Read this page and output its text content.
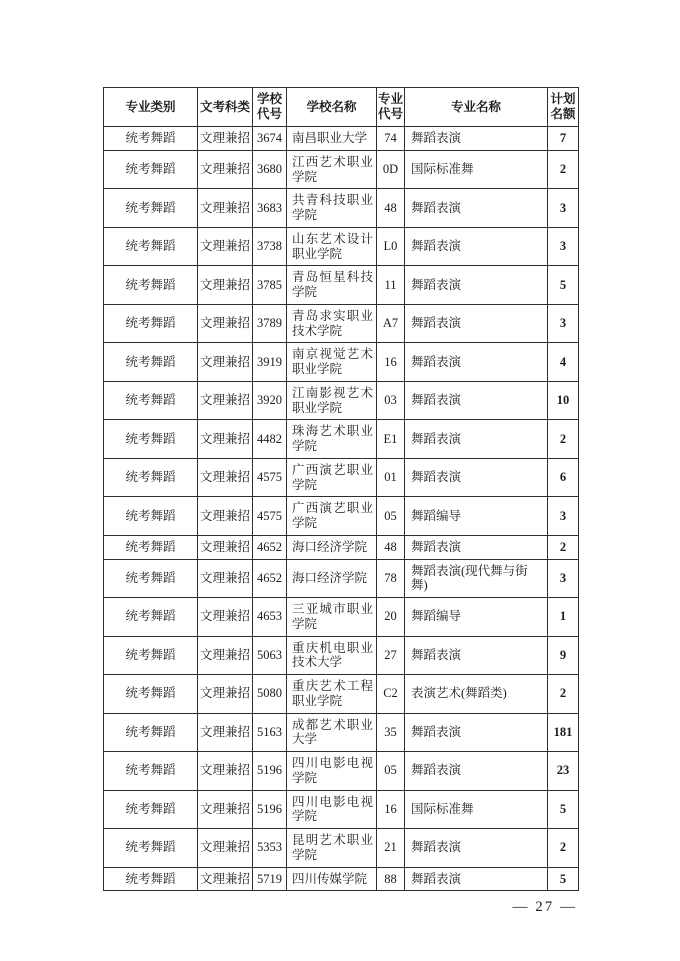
专业类别	文考科类	学校代号	学校名称	专业代号	专业名称	计划名额
统考舞蹈	文理兼招	3674	南昌职业大学	74	舞蹈表演	7
统考舞蹈	文理兼招	3680	江西艺术职业学院	0D	国际标准舞	2
统考舞蹈	文理兼招	3683	共青科技职业学院	48	舞蹈表演	3
统考舞蹈	文理兼招	3738	山东艺术设计职业学院	L0	舞蹈表演	3
统考舞蹈	文理兼招	3785	青岛恒星科技学院	11	舞蹈表演	5
统考舞蹈	文理兼招	3789	青岛求实职业技术学院	A7	舞蹈表演	3
统考舞蹈	文理兼招	3919	南京视觉艺术职业学院	16	舞蹈表演	4
统考舞蹈	文理兼招	3920	江南影视艺术职业学院	03	舞蹈表演	10
统考舞蹈	文理兼招	4482	珠海艺术职业学院	E1	舞蹈表演	2
统考舞蹈	文理兼招	4575	广西演艺职业学院	01	舞蹈表演	6
统考舞蹈	文理兼招	4575	广西演艺职业学院	05	舞蹈编导	3
统考舞蹈	文理兼招	4652	海口经济学院	48	舞蹈表演	2
统考舞蹈	文理兼招	4652	海口经济学院	78	舞蹈表演(现代舞与街舞)	3
统考舞蹈	文理兼招	4653	三亚城市职业学院	20	舞蹈编导	1
统考舞蹈	文理兼招	5063	重庆机电职业技术大学	27	舞蹈表演	9
统考舞蹈	文理兼招	5080	重庆艺术工程职业学院	C2	表演艺术(舞蹈类)	2
统考舞蹈	文理兼招	5163	成都艺术职业大学	35	舞蹈表演	181
统考舞蹈	文理兼招	5196	四川电影电视学院	05	舞蹈表演	23
统考舞蹈	文理兼招	5196	四川电影电视学院	16	国际标准舞	5
统考舞蹈	文理兼招	5353	昆明艺术职业学院	21	舞蹈表演	2
统考舞蹈	文理兼招	5719	四川传媒学院	88	舞蹈表演	5
— 27 —
